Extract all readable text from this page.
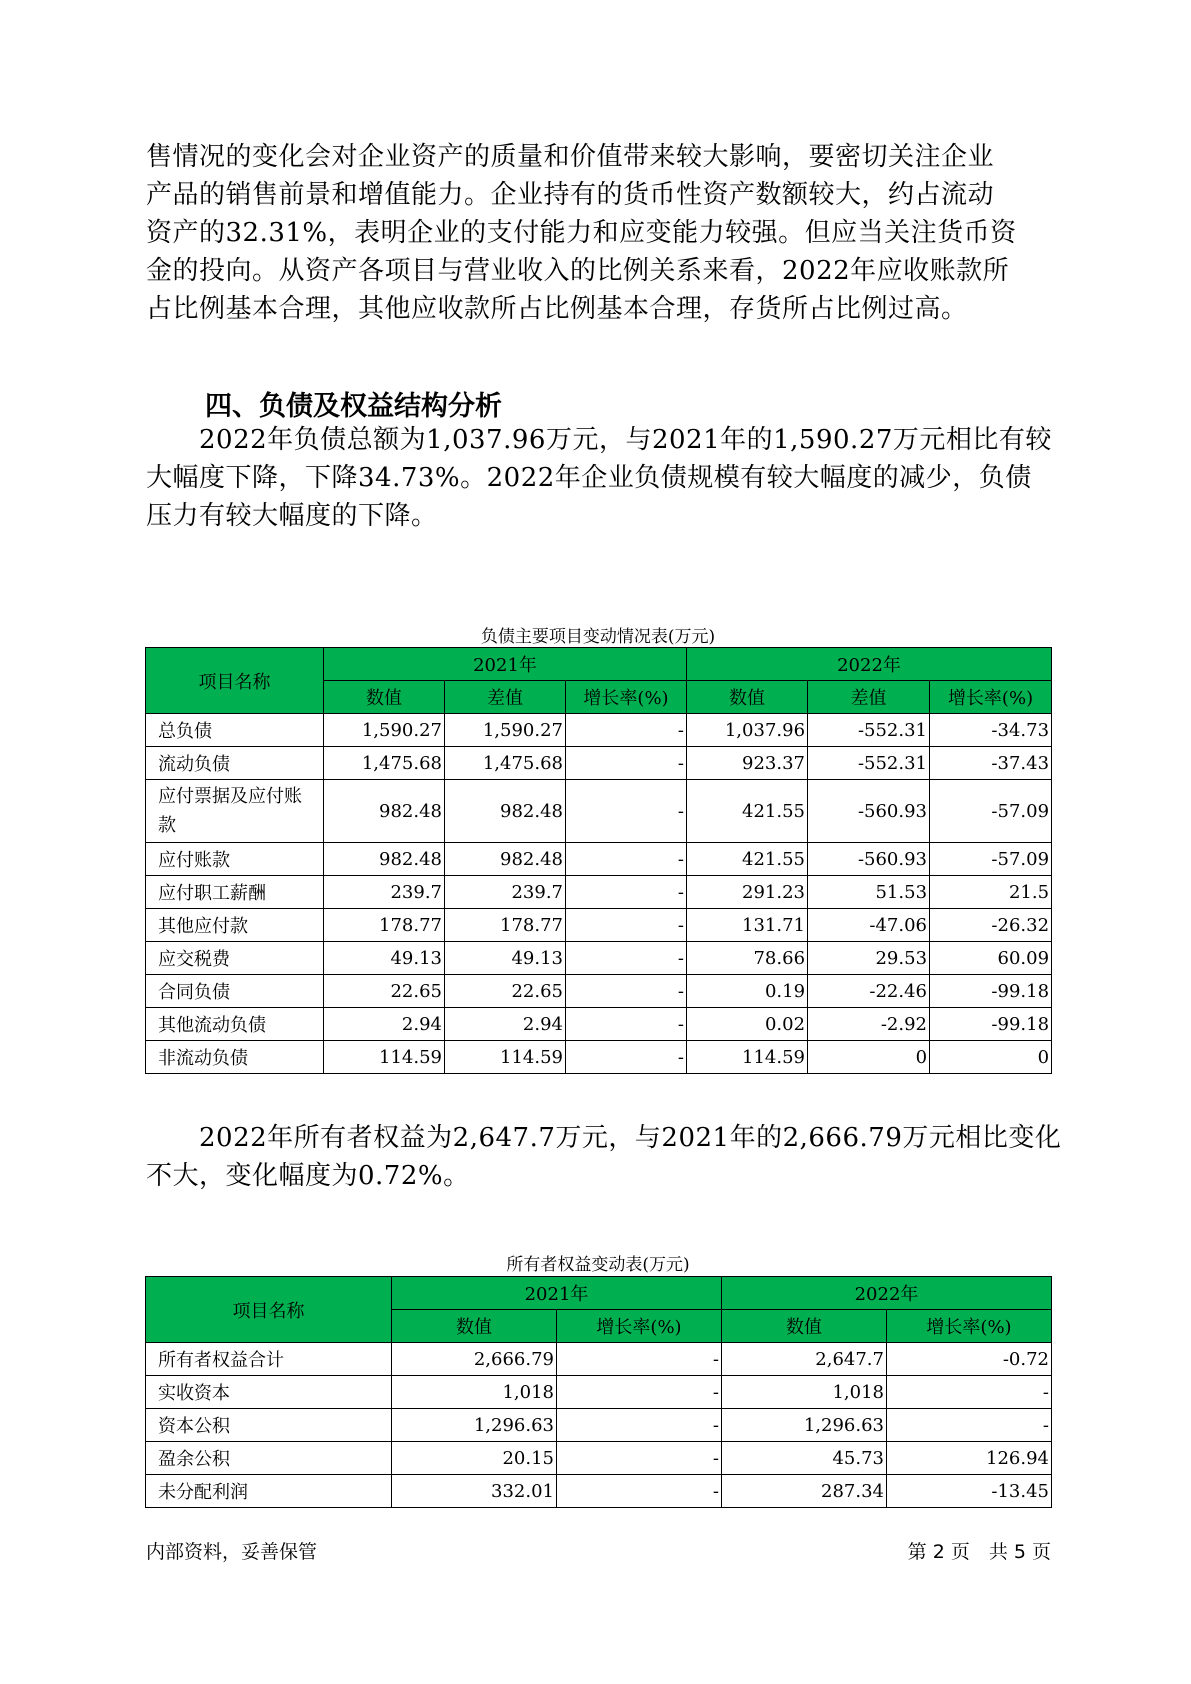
售情况的变化会对企业资产的质量和价值带来较大影响，要密切关注企业
产品的销售前景和增值能力。企业持有的货币性资产数额较大，约占流动
资产的32.31%，表明企业的支付能力和应变能力较强。但应当关注货币资
金的投向。从资产各项目与营业收入的比例关系来看，2022年应收账款所
占比例基本合理，其他应收款所占比例基本合理，存货所占比例过高。
四、负债及权益结构分析
　　2022年负债总额为1,037.96万元，与2021年的1,590.27万元相比有较
大幅度下降，下降34.73%。2022年企业负债规模有较大幅度的减少，负债
压力有较大幅度的下降。

负债主要项目变动情况表(万元)

项目名称	2021年			2022年		
	数值	差值	增长率(%)	数值	差值	增长率(%)
总负债	1,590.27	1,590.27	-	1,037.96	-552.31	-34.73
流动负债	1,475.68	1,475.68	-	923.37	-552.31	-37.43
应付票据及应付账款	982.48	982.48	-	421.55	-560.93	-57.09
应付账款	982.48	982.48	-	421.55	-560.93	-57.09
应付职工薪酬	239.7	239.7	-	291.23	51.53	21.5
其他应付款	178.77	178.77	-	131.71	-47.06	-26.32
应交税费	49.13	49.13	-	78.66	29.53	60.09
合同负债	22.65	22.65	-	0.19	-22.46	-99.18
其他流动负债	2.94	2.94	-	0.02	-2.92	-99.18
非流动负债	114.59	114.59	-	114.59	0	0
　　2022年所有者权益为2,647.7万元，与2021年的2,666.79万元相比变化
不大，变化幅度为0.72%。

所有者权益变动表(万元)

项目名称	2021年		2022年	
	数值	增长率(%)	数值	增长率(%)
所有者权益合计	2,666.79	-	2,647.7	-0.72
实收资本	1,018	-	1,018	-
资本公积	1,296.63	-	1,296.63	-
盈余公积	20.15	-	45.73	126.94
未分配利润	332.01	-	287.34	-13.45
内部资料，妥善保管	第 2 页　共 5 页
